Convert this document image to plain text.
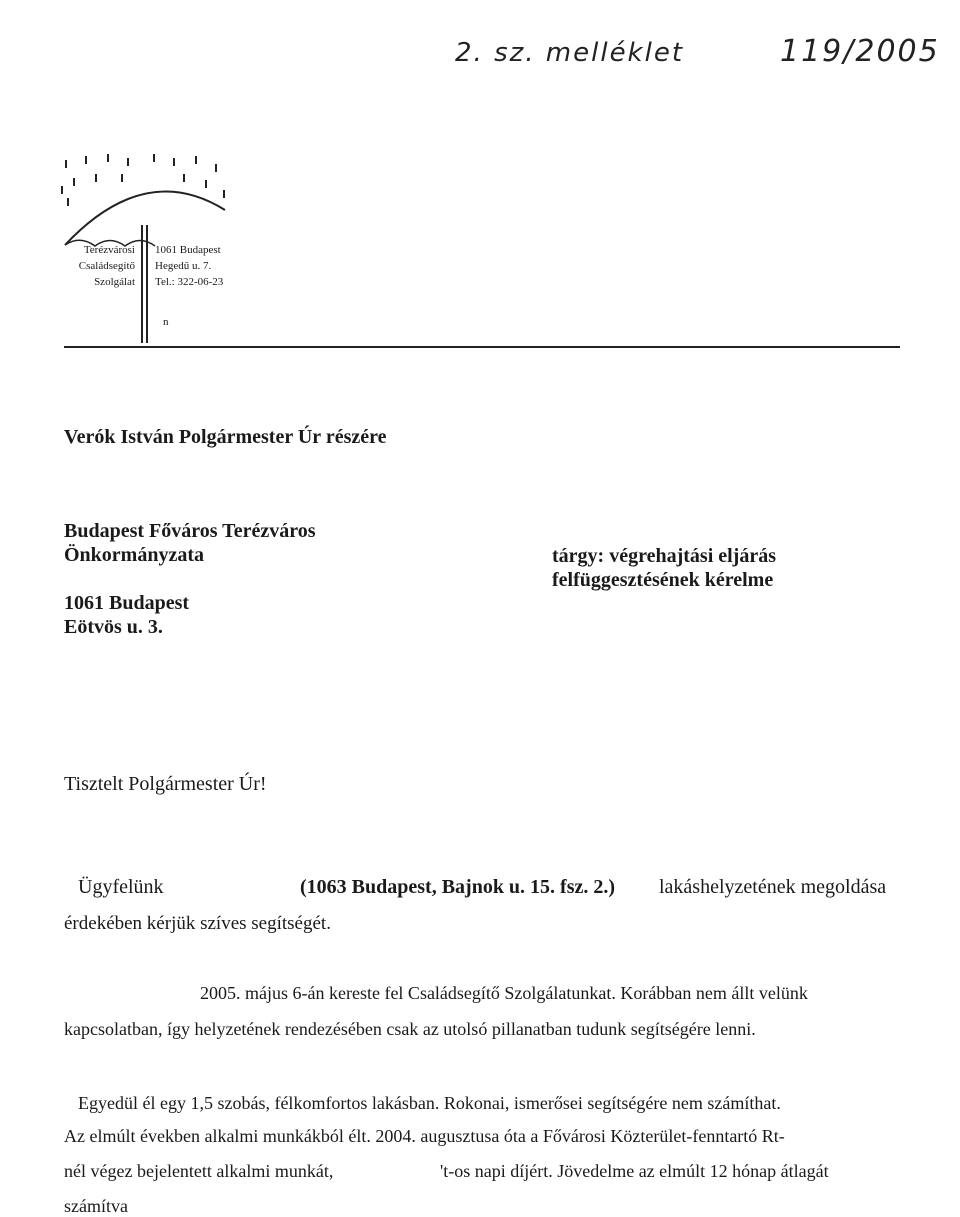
2. sz. melléklet	119/2005
Terézvárosi
Családsegítő
Szolgálat
1061 Budapest
Hegedű u. 7.
Tel.: 322-06-23
n
Verók István Polgármester Úr részére
Budapest Főváros Terézváros
Önkormányzata
1061 Budapest
Eötvös u. 3.
tárgy: végrehajtási eljárás
felfüggesztésének kérelme
Tisztelt Polgármester Úr!
Ügyfelünk	(1063 Budapest, Bajnok u. 15. fsz. 2.) lakáshelyzetének megoldása
érdekében kérjük szíves segítségét.
2005. május 6-án kereste fel Családsegítő Szolgálatunkat. Korábban nem állt velünk
kapcsolatban, így helyzetének rendezésében csak az utolsó pillanatban tudunk segítségére lenni.
Egyedül él egy 1,5 szobás, félkomfortos lakásban. Rokonai, ismerősei segítségére nem számíthat.
Az elmúlt években alkalmi munkákból élt. 2004. augusztusa óta a Fővárosi Közterület-fenntartó Rt-
nél végez bejelentett alkalmi munkát,	't-os napi díjért. Jövedelme az elmúlt 12 hónap átlagát
számítva
